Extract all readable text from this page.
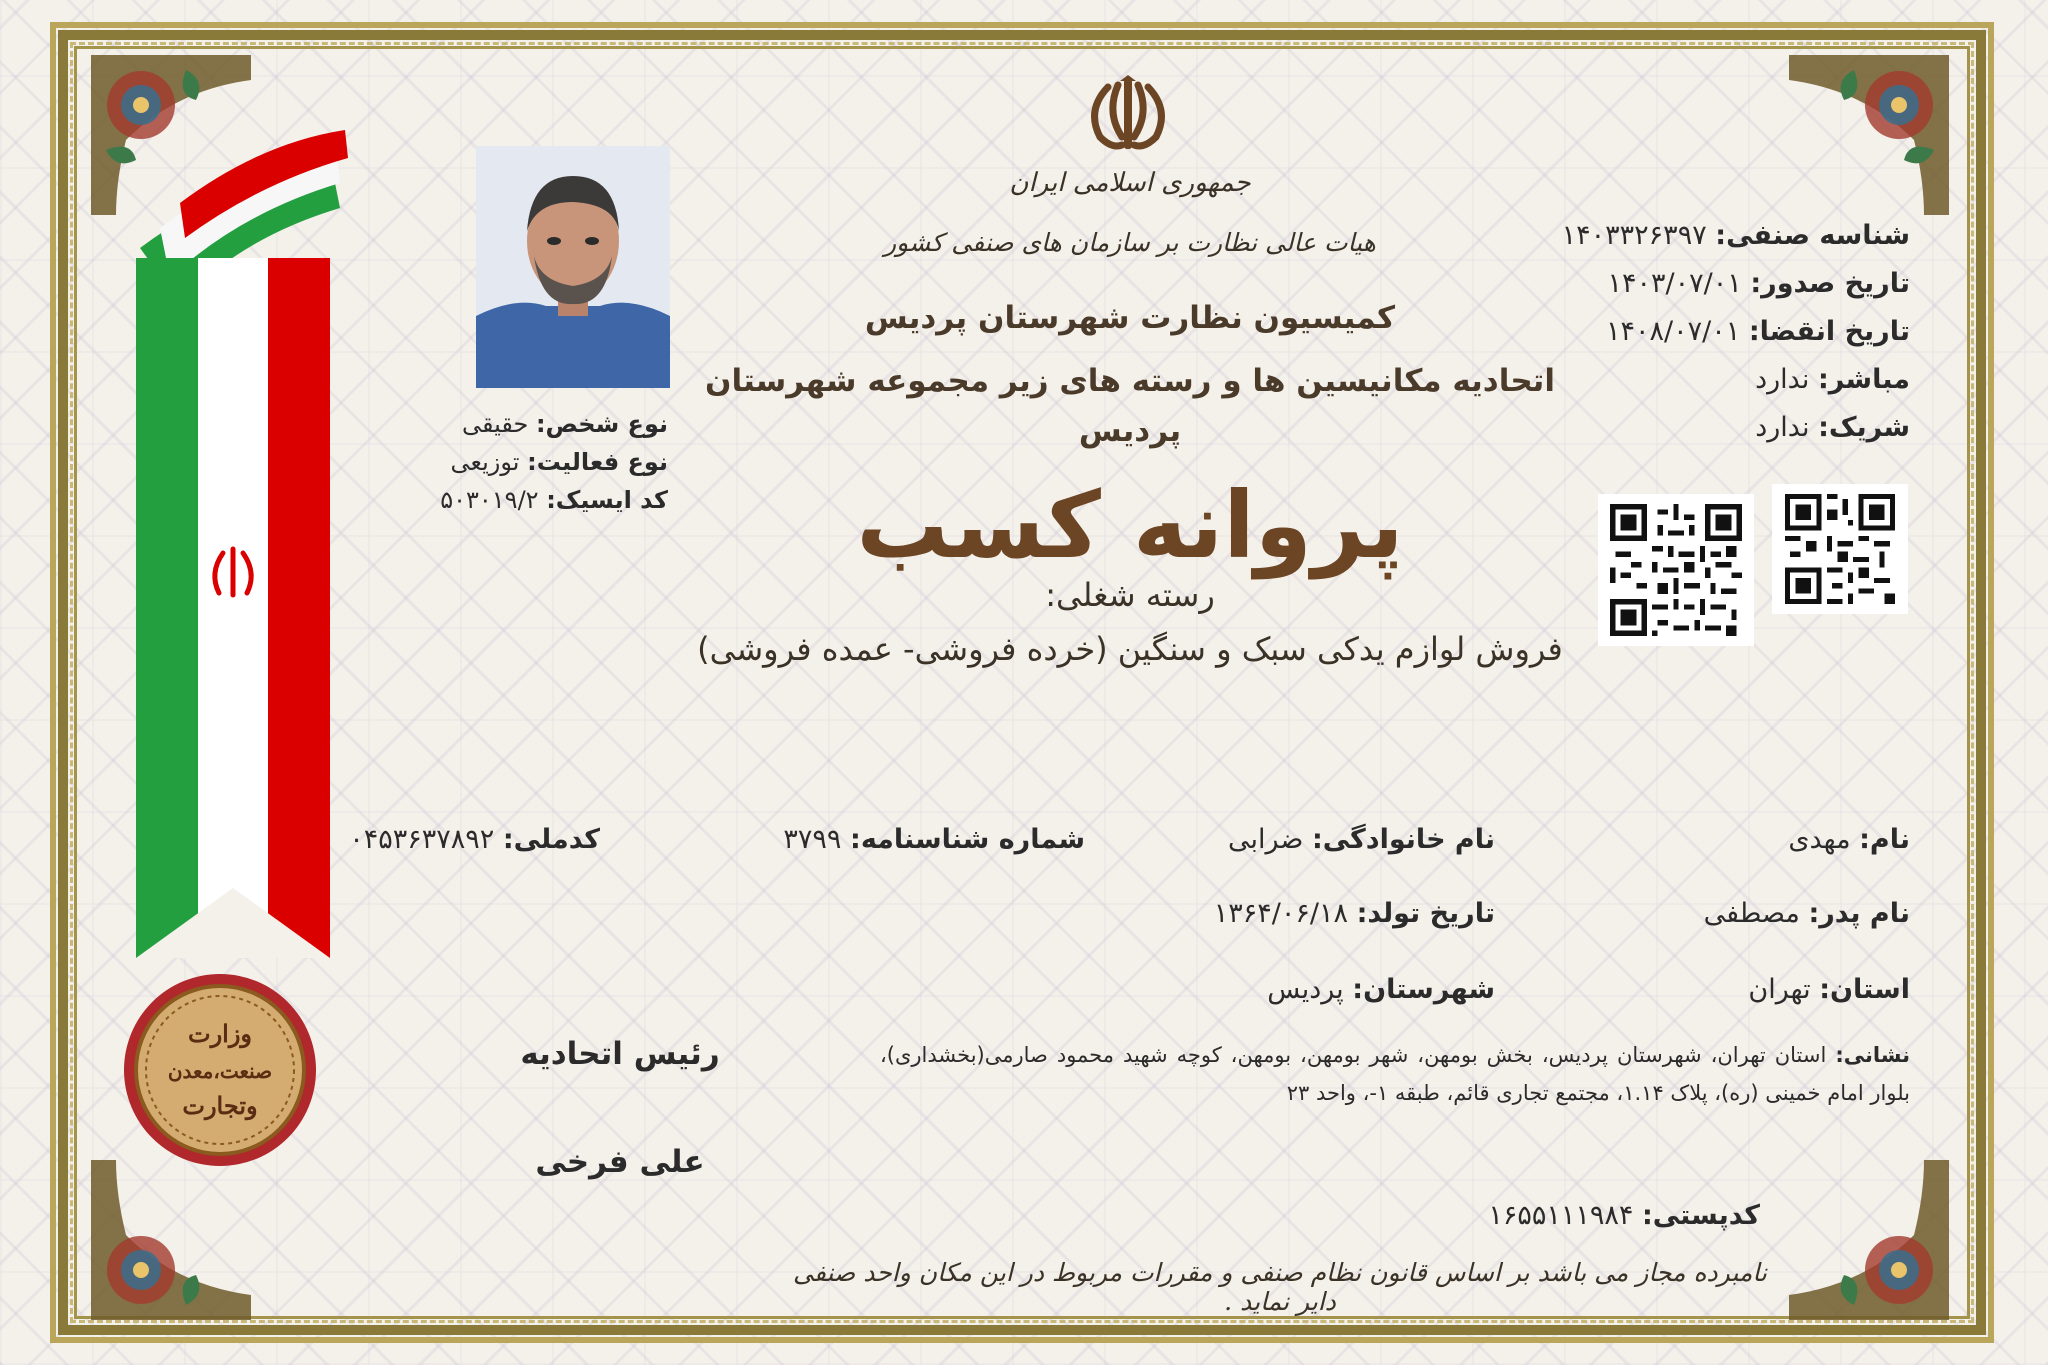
جمهوری اسلامی ایران
هیات عالی نظارت بر سازمان های صنفی کشور
کمیسیون نظارت شهرستان پردیس
اتحادیه مکانیسین ها و رسته های زیر مجموعه شهرستان
پردیس
پروانه کسب
رسته شغلی:
فروش لوازم یدکی سبک و سنگین (خرده فروشی- عمده فروشی)
شناسه صنفی: ۱۴۰۳۳۲۶۳۹۷
تاریخ صدور: ۱۴۰۳/۰۷/۰۱
تاریخ انقضا: ۱۴۰۸/۰۷/۰۱
مباشر: ندارد
شریک: ندارد
وزارت
صنعت،معدن
وتجارت
نوع شخص: حقیقی
نوع فعالیت: توزیعی
کد ایسیک: ۵۰۳۰۱۹/۲
نام: مهدی
نام خانوادگی: ضرابی
شماره شناسنامه: ۳۷۹۹
کدملی: ۰۴۵۳۶۳۷۸۹۲
نام پدر: مصطفی
تاریخ تولد: ۱۳۶۴/۰۶/۱۸
استان: تهران
شهرستان: پردیس
نشانی: استان تهران، شهرستان پردیس، بخش بومهن، شهر بومهن، بومهن، کوچه شهید محمود صارمی(بخشداری)، بلوار امام خمینی (ره)، پلاک ۱.۱۴، مجتمع تجاری قائم، طبقه ۱-، واحد ۲۳
کدپستی: ۱۶۵۵۱۱۱۹۸۴
رئیس اتحادیه
علی فرخی
نامبرده مجاز می باشد بر اساس قانون نظام صنفی و مقررات مربوط در این مکان واحد صنفی دایر نماید .
